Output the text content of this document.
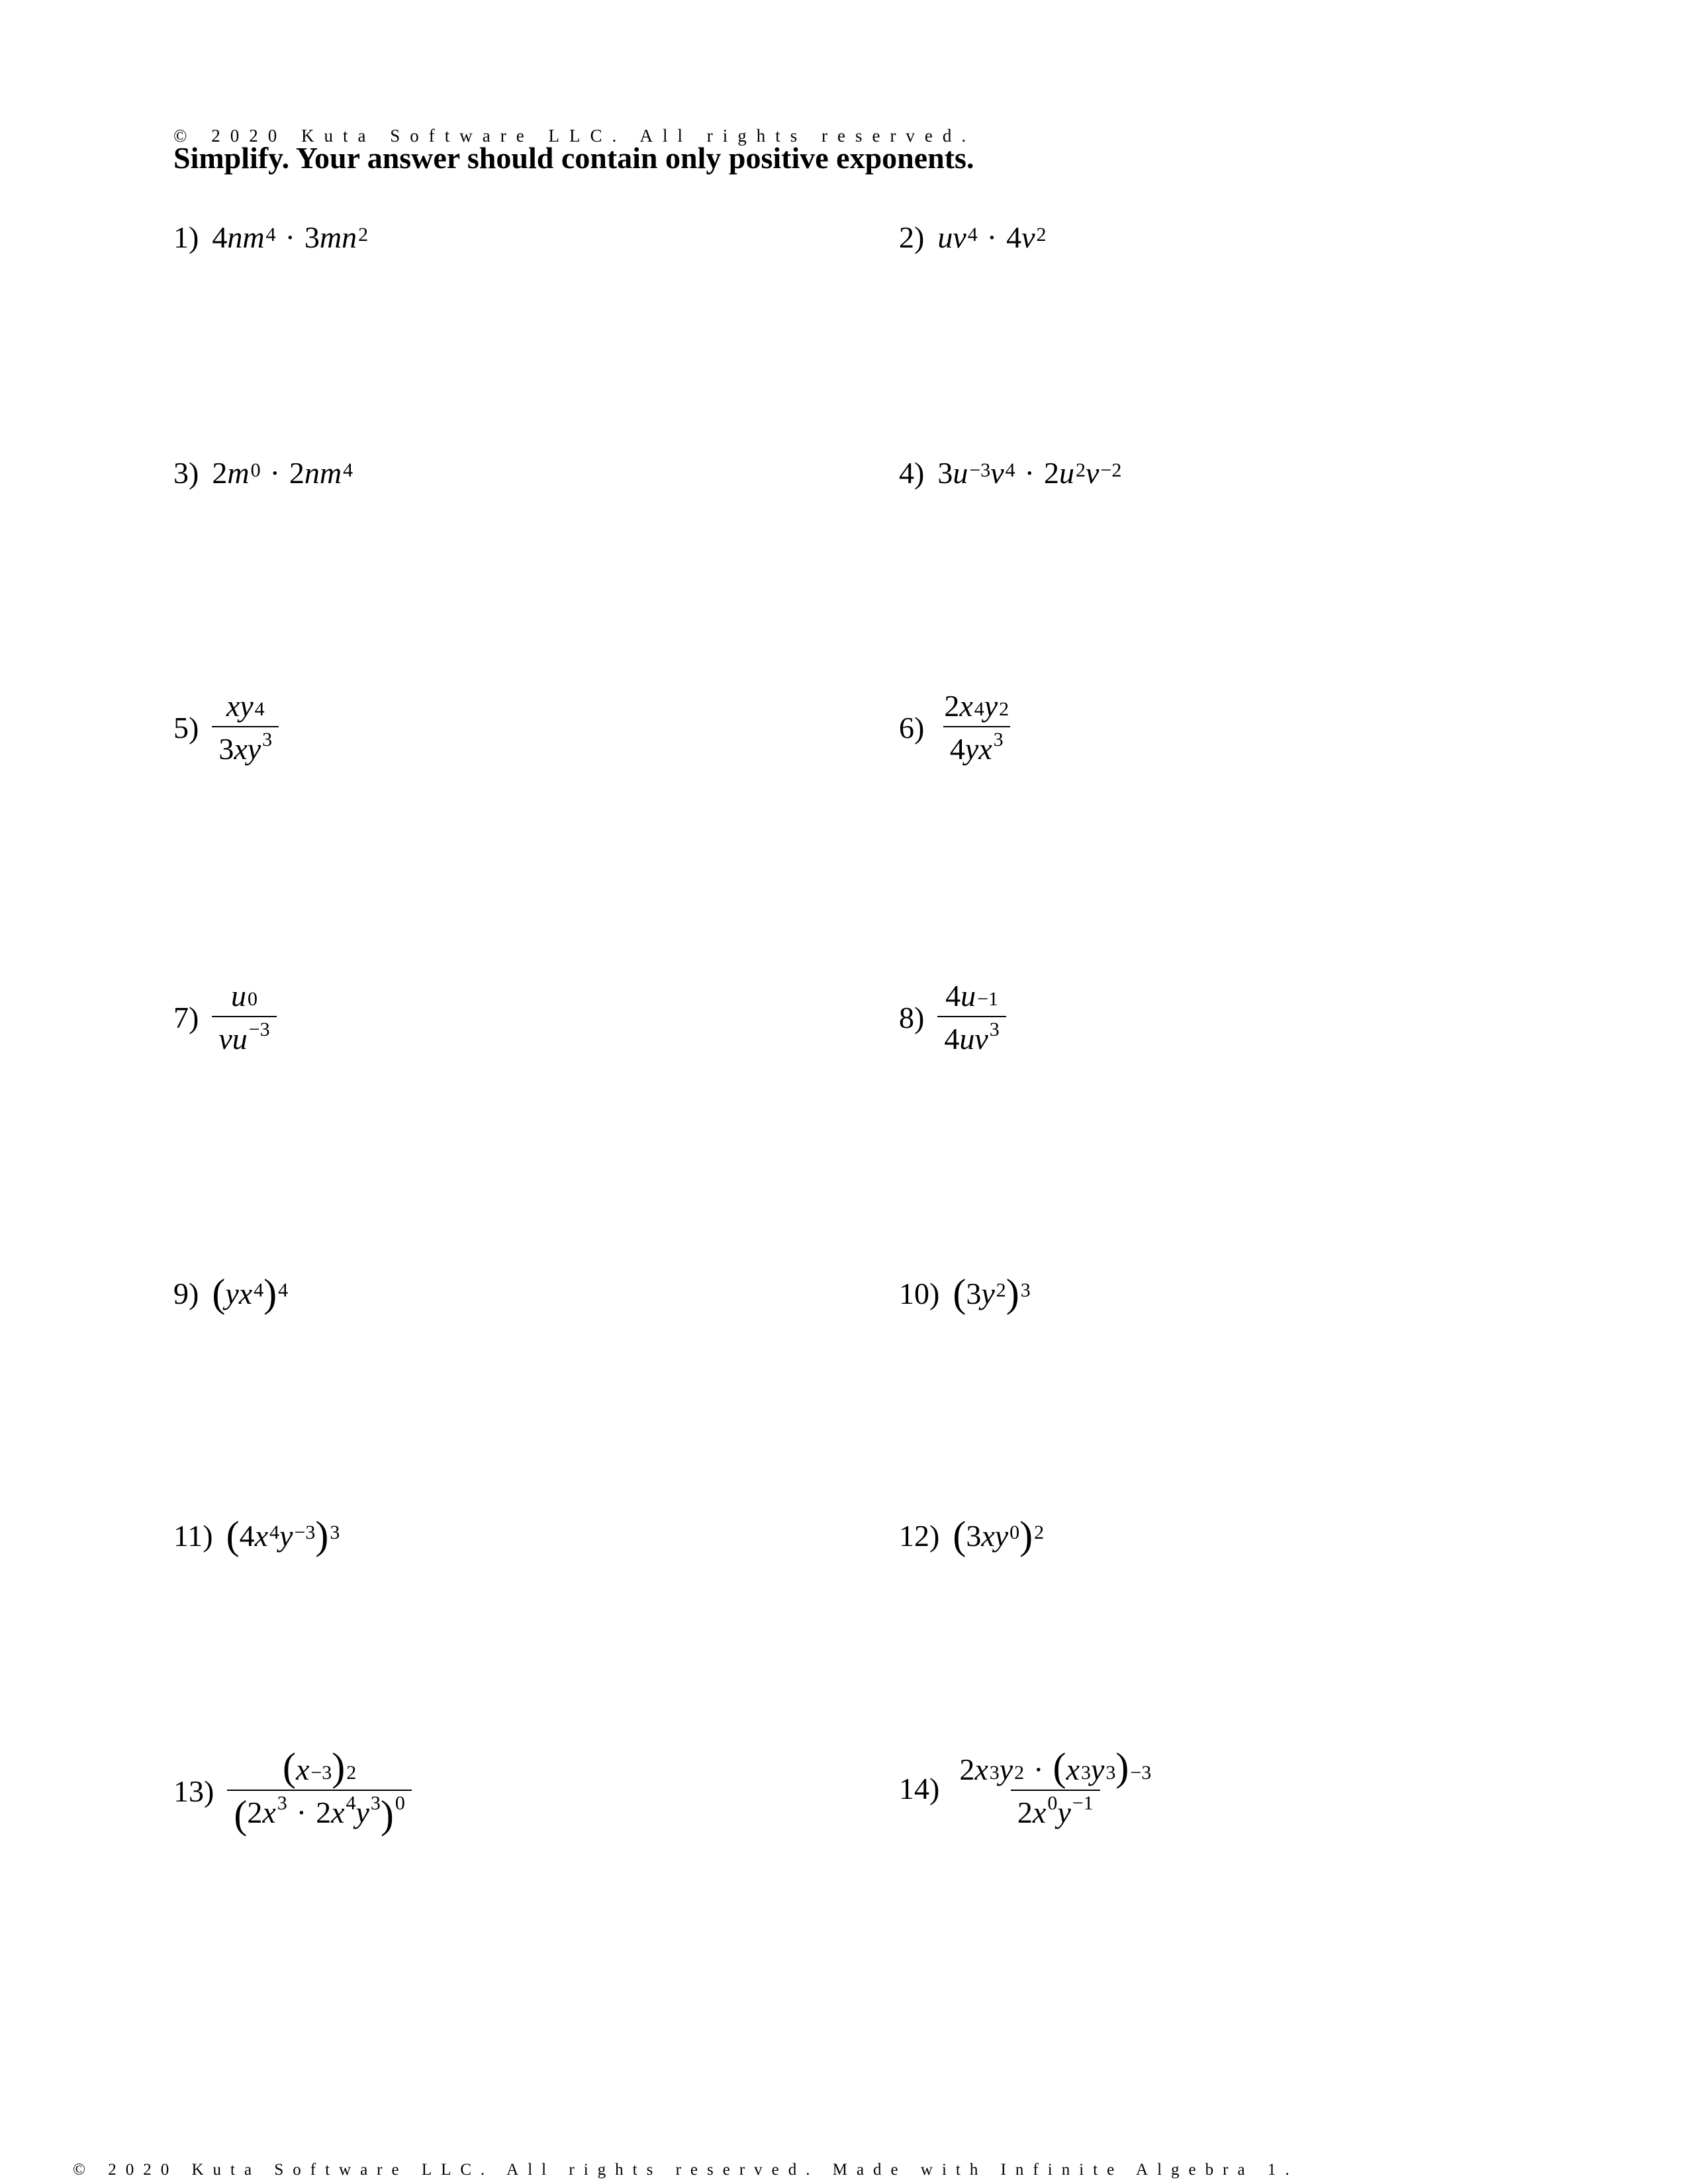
© 2020 Kuta Software LLC. All rights reserved.
Simplify. Your answer should contain only positive exponents.
1) 4 $nm^4 \cdot 3$ $mn^2$	2) $uv^4 \cdot 4$ $v^2$
3) 2 $m^0 \cdot 2$ $nm^4$	4) 3 $u^{-3}$ $v^4 \cdot 2$ $u^2$ $v^{-2}$
$5) \frac{xy^4}{3 xy^3}$	$6) \frac{2 x^4 y^2}{4 yx^3}$
$7) \frac{u^0}{vu^{-3}}$	$8) \frac{4 u^{-1}}{4 uv^3}$
9) ( $yx^4$ )$^4$	10) ( 3 $y^2$ )$^3$
11) ( 4 $x^4$ $y^{-3}$ )$^3$	12) ( 3 $xy^0$ )$^2$
$13) \frac{( x^{-3} )^2}{( 2 x^3 \cdot 2 x^4 y^3 )^0}$	$14) \frac{2 x^3 y^2 \cdot ( x^3 y^3 )^{-3}}{2 x^0 y^{-1}}$
© 2020 Kuta Software LLC. All rights reserved. Made with Infinite Algebra 1.
